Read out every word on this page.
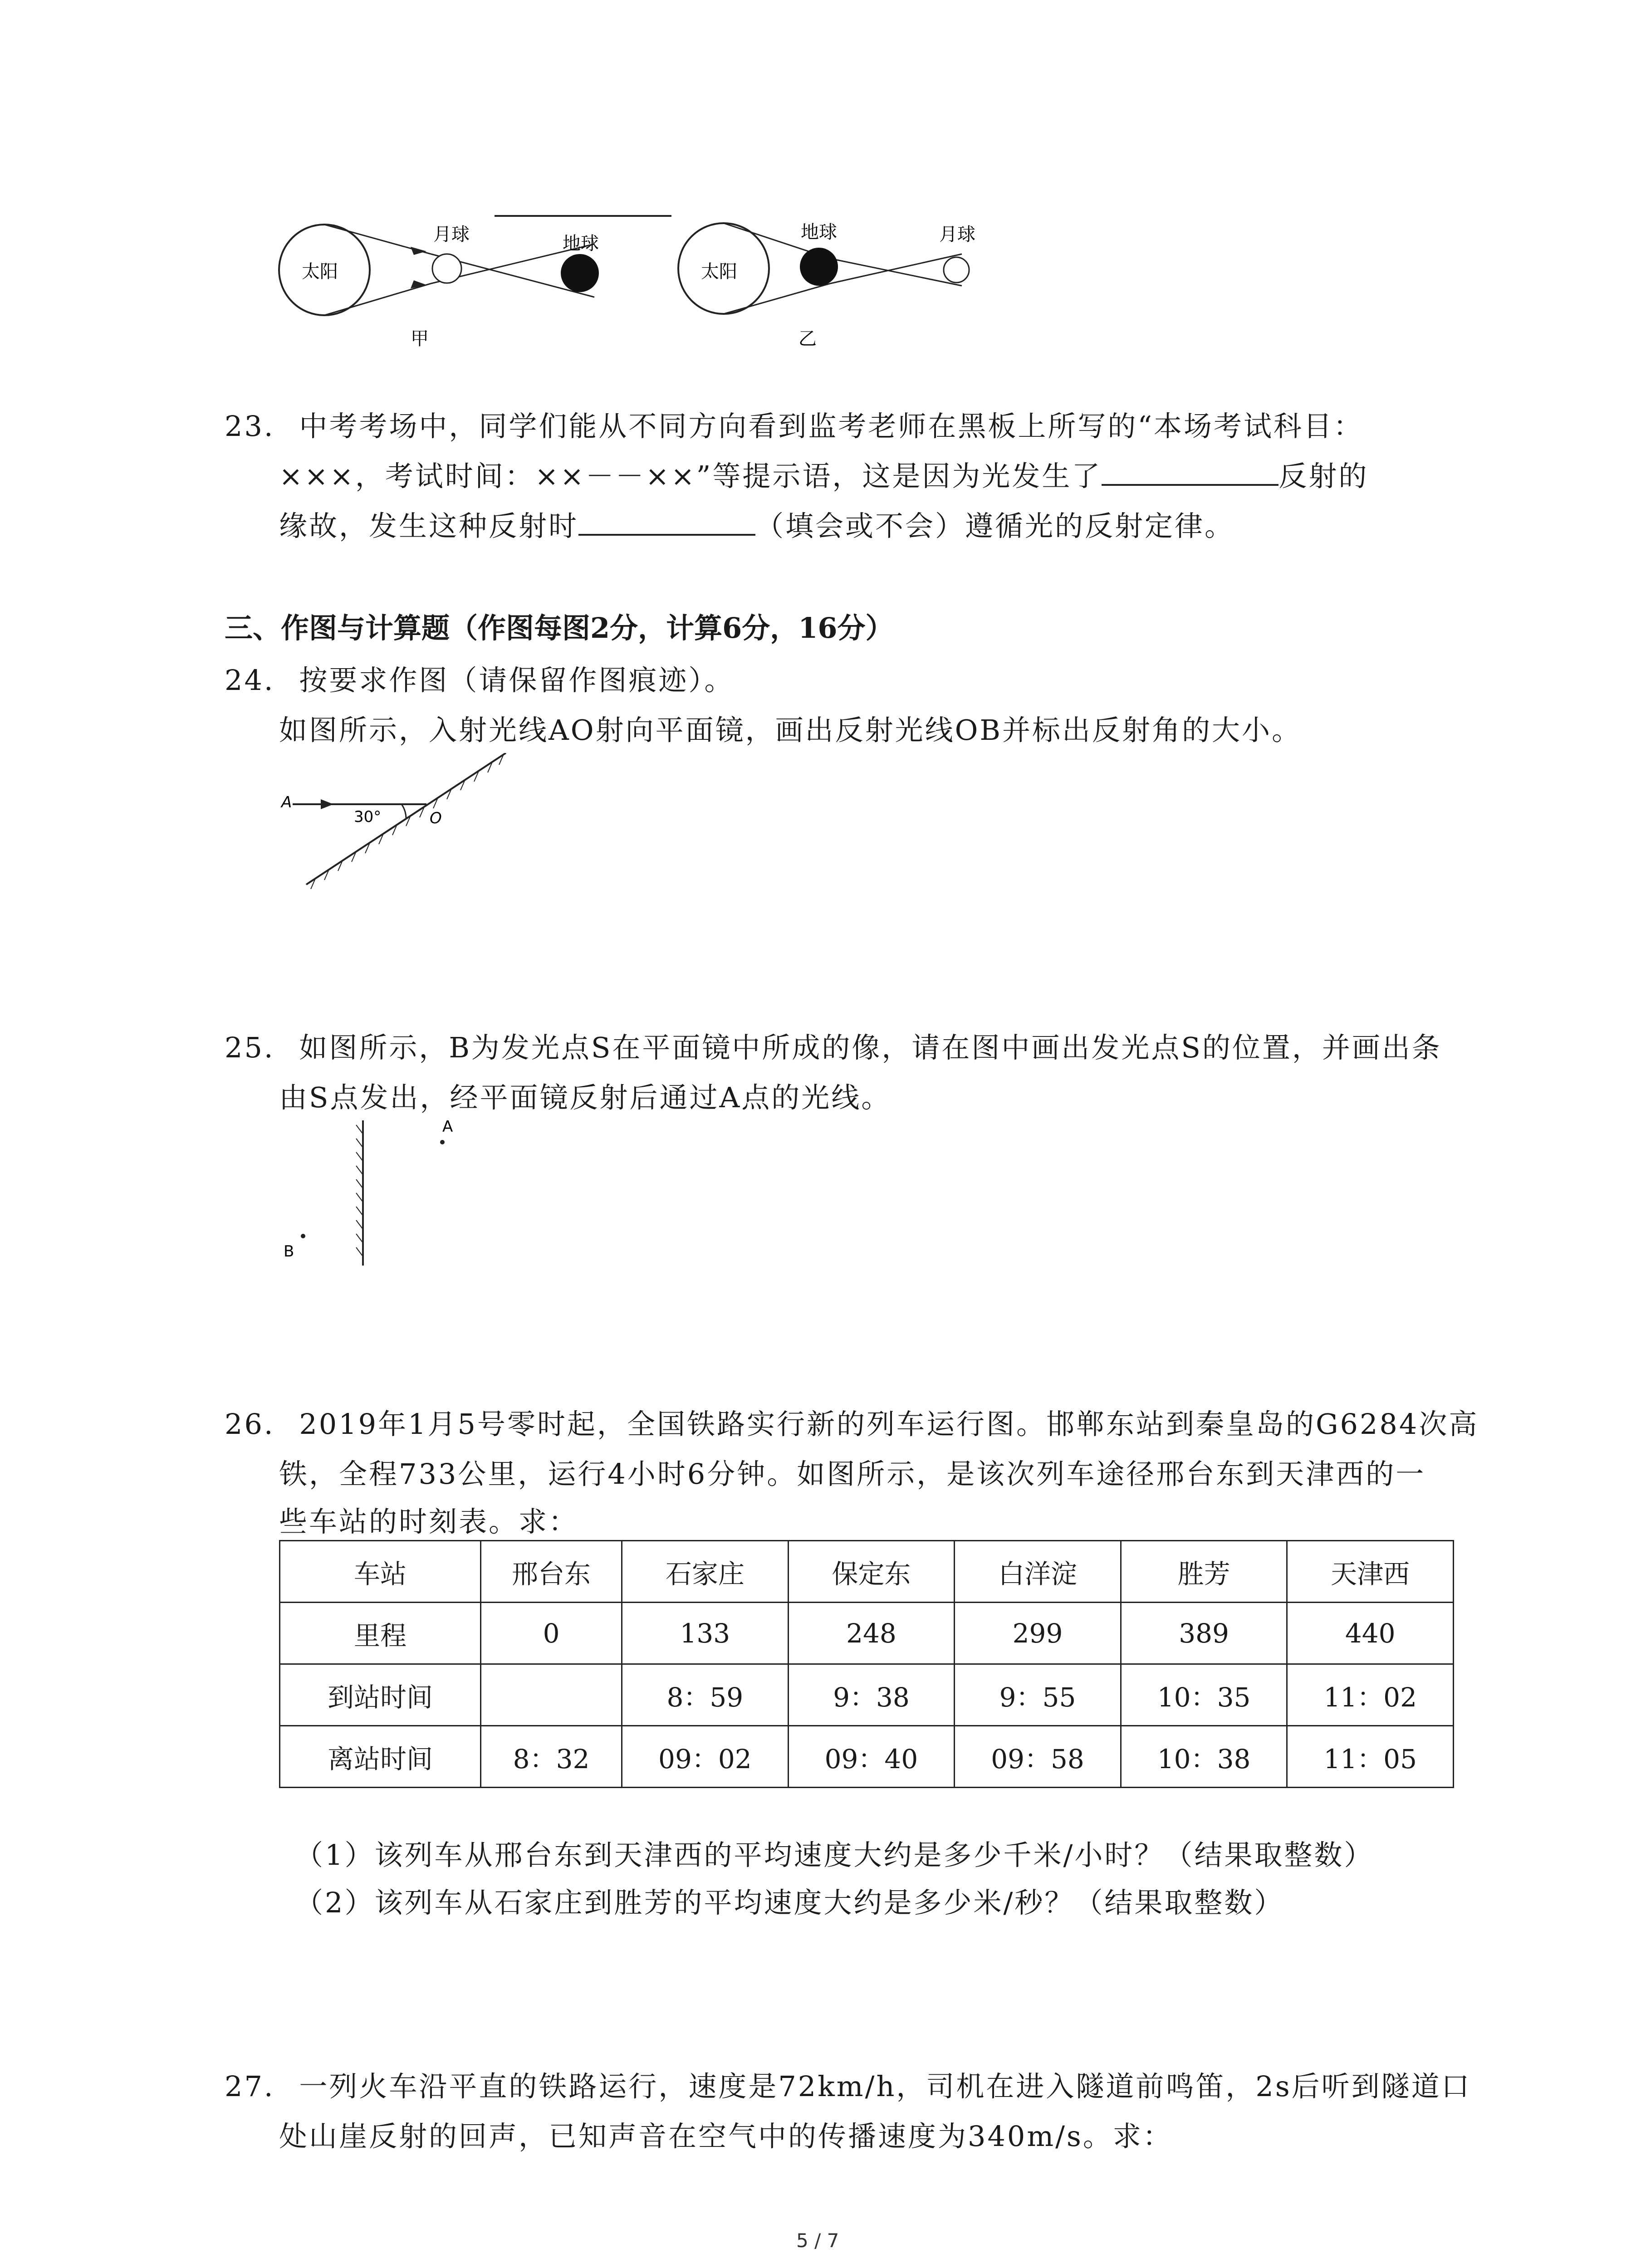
太阳
月球	地球
甲
太阳
地球	月球
乙
23. 中考考场中，同学们能从不同方向看到监考老师在黑板上所写的“本场考试科目：
×××，考试时间：××－－××”等提示语，这是因为光发生了	反射的
缘故，发生这种反射时	（填会或不会）遵循光的反射定律。
三、作图与计算题（作图每图2分，计算6分，16分）
24. 按要求作图（请保留作图痕迹）。
如图所示，入射光线AO射向平面镜，画出反射光线OB并标出反射角的大小。
A
30°	O
25. 如图所示，B为发光点S在平面镜中所成的像，请在图中画出发光点S的位置，并画出条
由S点发出，经平面镜反射后通过A点的光线。
A
B
26. 2019年1月5号零时起，全国铁路实行新的列车运行图。邯郸东站到秦皇岛的G6284次高
铁，全程733公里，运行4小时6分钟。如图所示，是该次列车途径邢台东到天津西的一
些车站的时刻表。求：
车站	邢台东	石家庄	保定东	白洋淀	胜芳	天津西
里程	0	133	248	299	389	440
到站时间		8：59	9：38	9：55	10：35	11：02
离站时间	8：32	09：02	09：40	09：58	10：38	11：05
（1）该列车从邢台东到天津西的平均速度大约是多少千米/小时？（结果取整数）
（2）该列车从石家庄到胜芳的平均速度大约是多少米/秒？（结果取整数）
27. 一列火车沿平直的铁路运行，速度是72km/h，司机在进入隧道前鸣笛，2s后听到隧道口
处山崖反射的回声，已知声音在空气中的传播速度为340m/s。求：
5 / 7
